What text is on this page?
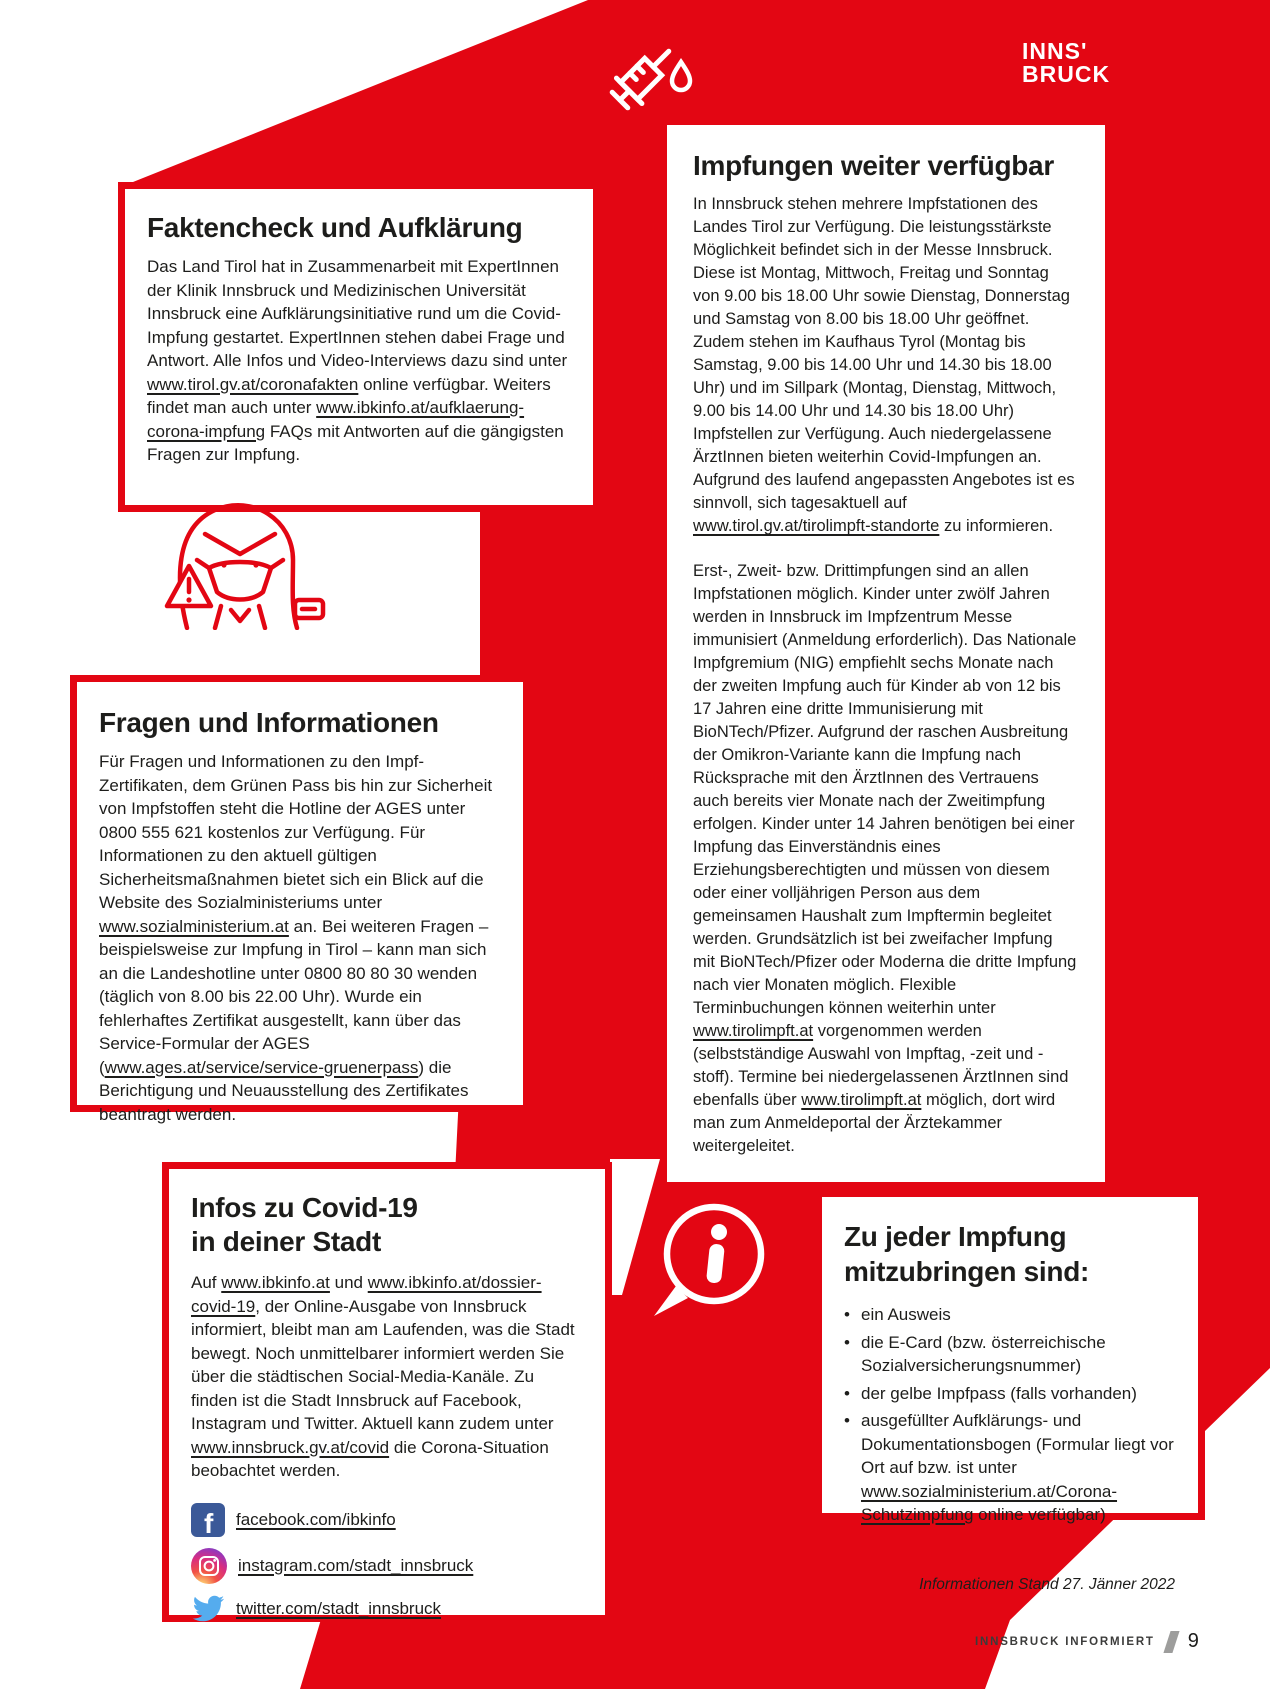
INNS'
BRUCK
Faktencheck und Aufklärung
Das Land Tirol hat in Zusammenarbeit mit ExpertInnen der Klinik Innsbruck und Medizinischen Universität Innsbruck eine Aufklärungsinitiative rund um die Covid-Impfung gestartet. ExpertInnen stehen dabei Frage und Antwort. Alle Infos und Video-Interviews dazu sind unter www.tirol.gv.at/coronafakten online verfügbar. Weiters findet man auch unter www.ibkinfo.at/aufklaerung-corona-impfung FAQs mit Antworten auf die gängigsten Fragen zur Impfung.
Fragen und Informationen
Für Fragen und Informationen zu den Impf-Zertifikaten, dem Grünen Pass bis hin zur Sicherheit von Impfstoffen steht die Hotline der AGES unter 0800 555 621 kostenlos zur Verfügung. Für Informationen zu den aktuell gültigen Sicherheitsmaßnahmen bietet sich ein Blick auf die Website des Sozialministeriums unter www.sozialministerium.at an. Bei weiteren Fragen – beispielsweise zur Impfung in Tirol – kann man sich an die Landeshotline unter 0800 80 80 30 wenden (täglich von 8.00 bis 22.00 Uhr). Wurde ein fehlerhaftes Zertifikat ausgestellt, kann über das Service-Formular der AGES (www.ages.at/service/service-gruenerpass) die Berichtigung und Neuausstellung des Zertifikates beantragt werden.
Impfungen weiter verfügbar
In Innsbruck stehen mehrere Impfstationen des Landes Tirol zur Verfügung. Die leistungsstärkste Möglichkeit befindet sich in der Messe Innsbruck. Diese ist Montag, Mittwoch, Freitag und Sonntag von 9.00 bis 18.00 Uhr sowie Dienstag, Donnerstag und Samstag von 8.00 bis 18.00 Uhr geöffnet. Zudem stehen im Kaufhaus Tyrol (Montag bis Samstag, 9.00 bis 14.00 Uhr und 14.30 bis 18.00 Uhr) und im Sillpark (Montag, Dienstag, Mittwoch, 9.00 bis 14.00 Uhr und 14.30 bis 18.00 Uhr) Impfstellen zur Verfügung. Auch niedergelassene ÄrztInnen bieten weiterhin Covid-Impfungen an. Aufgrund des laufend angepassten Angebotes ist es sinnvoll, sich tagesaktuell auf www.tirol.gv.at/tirolimpft-standorte zu informieren.
Erst-, Zweit- bzw. Drittimpfungen sind an allen Impfstationen möglich. Kinder unter zwölf Jahren werden in Innsbruck im Impfzentrum Messe immunisiert (Anmeldung erforderlich). Das Nationale Impfgremium (NIG) empfiehlt sechs Monate nach der zweiten Impfung auch für Kinder ab von 12 bis 17 Jahren eine dritte Immunisierung mit BioNTech/Pfizer. Aufgrund der raschen Ausbreitung der Omikron-Variante kann die Impfung nach Rücksprache mit den ÄrztInnen des Vertrauens auch bereits vier Monate nach der Zweitimpfung erfolgen. Kinder unter 14 Jahren benötigen bei einer Impfung das Einverständnis eines Erziehungsberechtigten und müssen von diesem oder einer volljährigen Person aus dem gemeinsamen Haushalt zum Impftermin begleitet werden. Grundsätzlich ist bei zweifacher Impfung mit BioNTech/Pfizer oder Moderna die dritte Impfung nach vier Monaten möglich. Flexible Terminbuchungen können weiterhin unter www.tirolimpft.at vorgenommen werden (selbstständige Auswahl von Impftag, -zeit und -stoff). Termine bei niedergelassenen ÄrztInnen sind ebenfalls über www.tirolimpft.at möglich, dort wird man zum Anmeldeportal der Ärztekammer weitergeleitet.
Infos zu Covid-19
in deiner Stadt
Auf www.ibkinfo.at und www.ibkinfo.at/dossier-covid-19, der Online-Ausgabe von Innsbruck informiert, bleibt man am Laufenden, was die Stadt bewegt. Noch unmittelbarer informiert werden Sie über die städtischen Social-Media-Kanäle. Zu finden ist die Stadt Innsbruck auf Facebook, Instagram und Twitter. Aktuell kann zudem unter www.innsbruck.gv.at/covid die Corona-Situation beobachtet werden.
f facebook.com/ibkinfo
instagram.com/stadt_innsbruck
twitter.com/stadt_innsbruck
Zu jeder Impfung
mitzubringen sind:
• ein Ausweis
• die E-Card (bzw. österreichische Sozialversicherungsnummer)
• der gelbe Impfpass (falls vorhanden)
• ausgefüllter Aufklärungs- und Dokumentationsbogen (Formular liegt vor Ort auf bzw. ist unter www.sozialministerium.at/Corona-Schutzimpfung online verfügbar)
Informationen Stand 27. Jänner 2022
INNSBRUCK INFORMIERT 9
